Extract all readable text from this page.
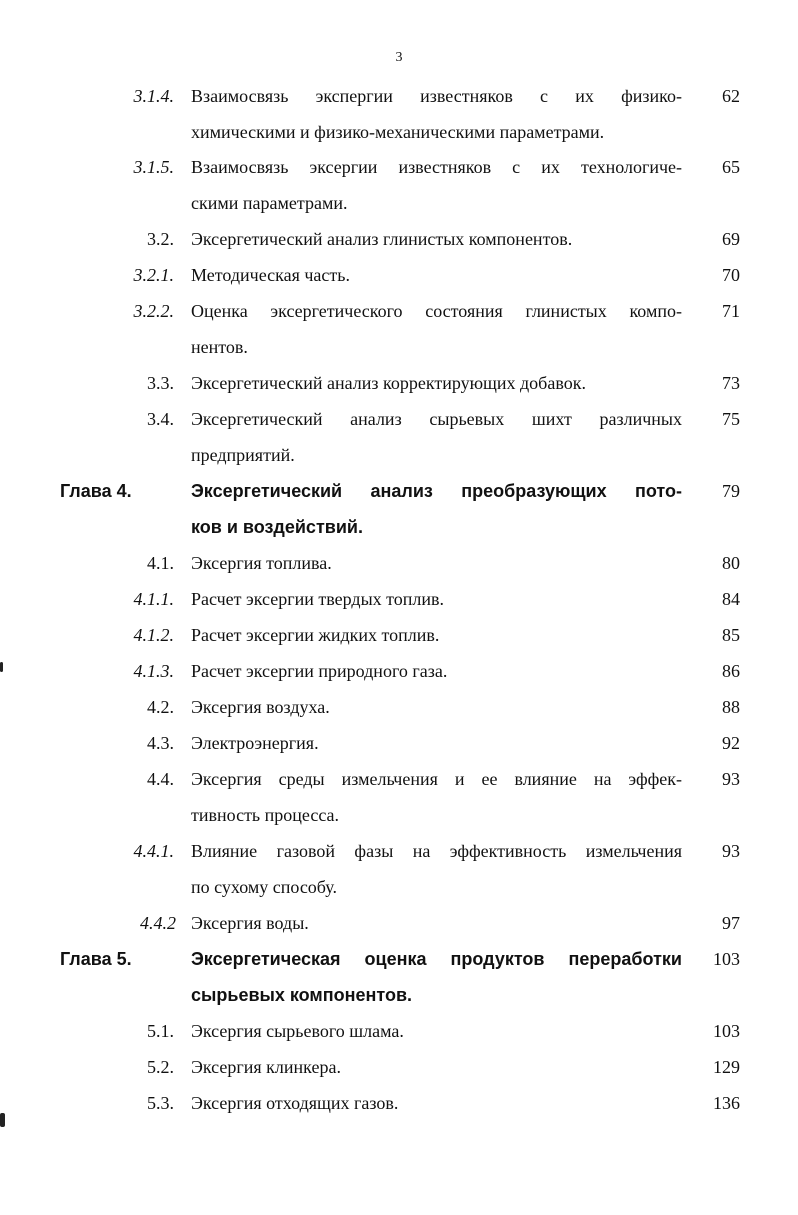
3
3.1.4. Взаимосвязь экспергии известняков с их физико- 62
химическими и физико-механическими параметрами.
3.1.5. Взаимосвязь эксергии известняков с их технологиче- 65
скими параметрами.
3.2. Эксергетический анализ глинистых компонентов.	69
3.2.1. Методическая часть.	70
3.2.2. Оценка эксергетического состояния глинистых компо- 71
нентов.
3.3. Эксергетический анализ корректирующих добавок.	73
3.4. Эксергетический анализ сырьевых шихт различных 75
предприятий.
Глава 4.	Эксергетический анализ преобразующих пото- 79
ков и воздействий.
4.1. Эксергия топлива.	80
4.1.1. Расчет эксергии твердых топлив.	84
4.1.2. Расчет эксергии жидких топлив.	85
4.1.3. Расчет эксергии природного газа.	86
4.2. Эксергия воздуха.	88
4.3. Электроэнергия.	92
4.4. Эксергия среды измельчения и ее влияние на эффек- 93
тивность процесса.
4.4.1. Влияние газовой фазы на эффективность измельчения 93
по сухому способу.
4.4.2 Эксергия воды.	97
Глава 5.	Эксергетическая оценка продуктов переработки 103
сырьевых компонентов.
5.1. Эксергия сырьевого шлама.	103
5.2. Эксергия клинкера.	129
5.3. Эксергия отходящих газов.	136
